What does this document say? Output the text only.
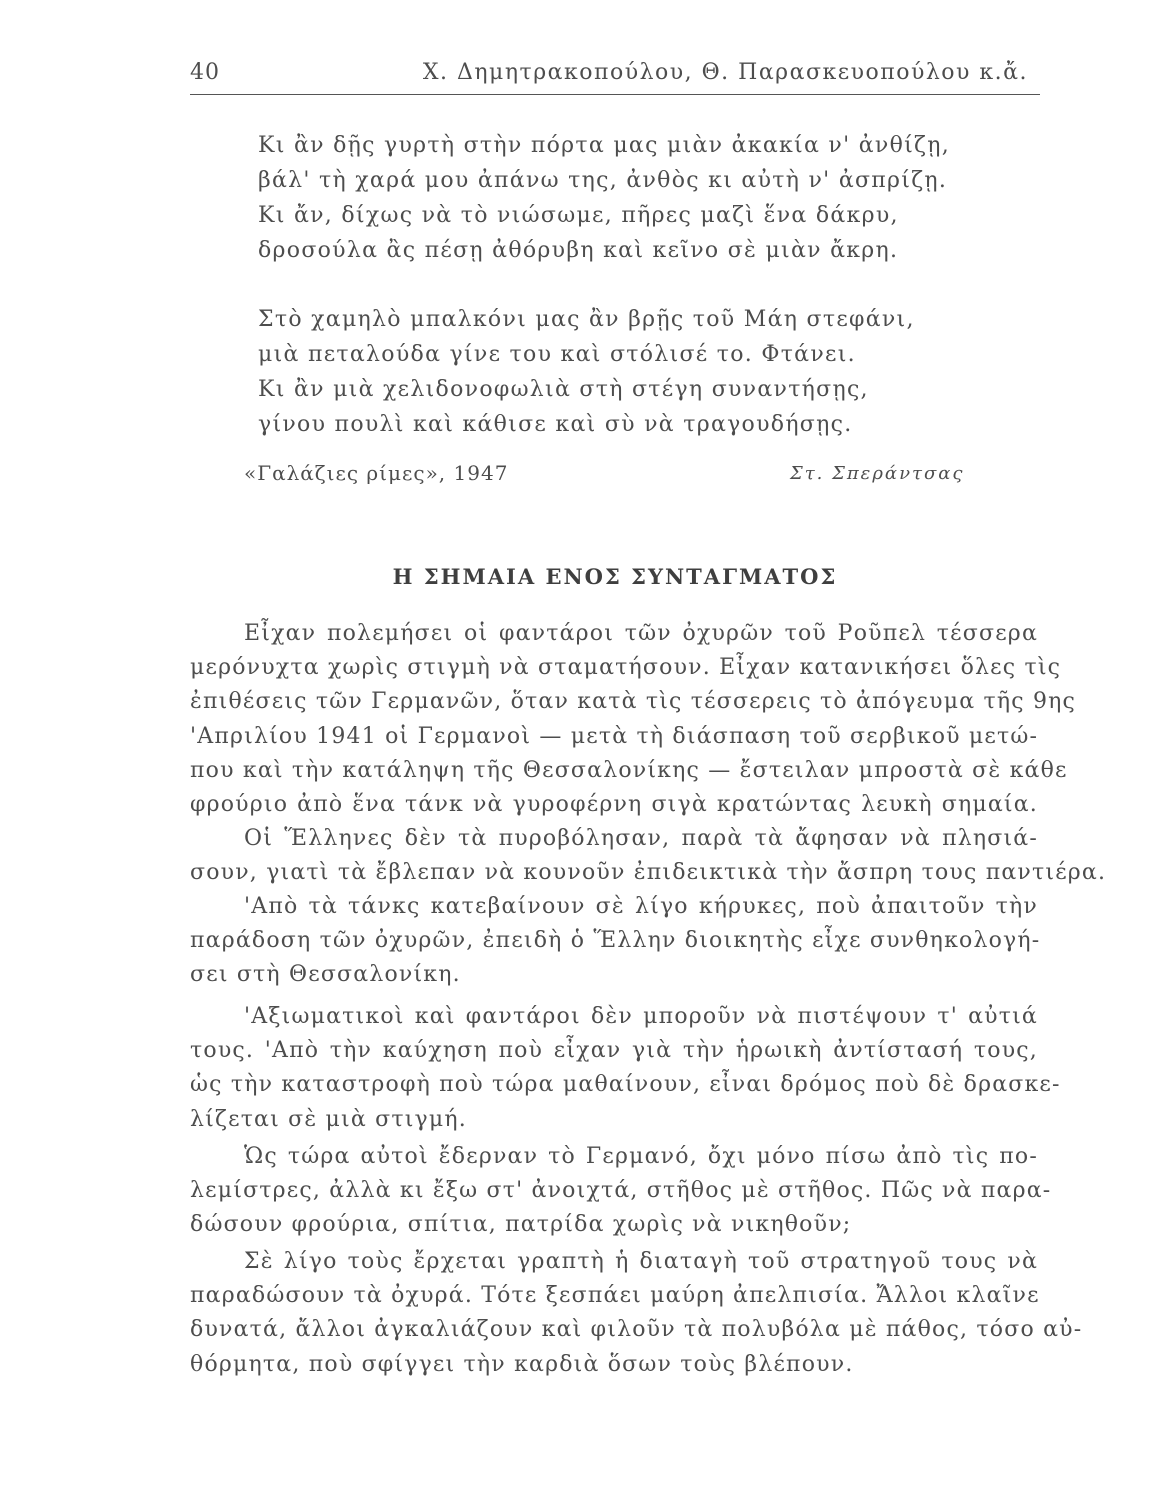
40	Χ. Δημητρακοπούλου, Θ. Παρασκευοπούλου κ.ἄ.
Κι ἂν δῇς γυρτὴ στὴν πόρτα μας μιὰν ἀκακία ν' ἀνθίζῃ,
βάλ' τὴ χαρά μου ἀπάνω της, ἀνθὸς κι αὐτὴ ν' ἀσπρίζῃ.
Κι ἄν, δίχως νὰ τὸ νιώσωμε, πῆρες μαζὶ ἕνα δάκρυ,
δροσούλα ἂς πέσῃ ἀθόρυβη καὶ κεῖνο σὲ μιὰν ἄκρη.
Στὸ χαμηλὸ μπαλκόνι μας ἂν βρῇς τοῦ Μάη στεφάνι,
μιὰ πεταλούδα γίνε του καὶ στόλισέ το. Φτάνει.
Κι ἂν μιὰ χελιδονοφωλιὰ στὴ στέγη συναντήσῃς,
γίνου πουλὶ καὶ κάθισε καὶ σὺ νὰ τραγουδήσῃς.
«Γαλάζιες ρίμες», 1947	Στ. Σπεράντσας
Η ΣΗΜΑΙΑ ΕΝΟΣ ΣΥΝΤΑΓΜΑΤΟΣ
Εἶχαν πολεμήσει οἱ φαντάροι τῶν ὀχυρῶν τοῦ Ροῦπελ τέσσερα
μερόνυχτα χωρὶς στιγμὴ νὰ σταματήσουν. Εἶχαν κατανικήσει ὅλες τὶς
ἐπιθέσεις τῶν Γερμανῶν, ὅταν κατὰ τὶς τέσσερεις τὸ ἀπόγευμα τῆς 9ης
'Απριλίου 1941 οἱ Γερμανοὶ — μετὰ τὴ διάσπαση τοῦ σερβικοῦ μετώ-
που καὶ τὴν κατάληψη τῆς Θεσσαλονίκης — ἔστειλαν μπροστὰ σὲ κάθε
φρούριο ἀπὸ ἕνα τάνκ νὰ γυροφέρνη σιγὰ κρατώντας λευκὴ σημαία.
Οἱ Ἕλληνες δὲν τὰ πυροβόλησαν, παρὰ τὰ ἄφησαν νὰ πλησιά-
σουν, γιατὶ τὰ ἔβλεπαν νὰ κουνοῦν ἐπιδεικτικὰ τὴν ἄσπρη τους παντιέρα.
'Απὸ τὰ τάνκς κατεβαίνουν σὲ λίγο κήρυκες, ποὺ ἀπαιτοῦν τὴν
παράδοση τῶν ὀχυρῶν, ἐπειδὴ ὁ Ἕλλην διοικητὴς εἶχε συνθηκολογή-
σει στὴ Θεσσαλονίκη.
'Αξιωματικοὶ καὶ φαντάροι δὲν μποροῦν νὰ πιστέψουν τ' αὐτιά
τους. 'Απὸ τὴν καύχηση ποὺ εἶχαν γιὰ τὴν ἡρωικὴ ἀντίστασή τους,
ὡς τὴν καταστροφὴ ποὺ τώρα μαθαίνουν, εἶναι δρόμος ποὺ δὲ δρασκε-
λίζεται σὲ μιὰ στιγμή.
Ὡς τώρα αὐτοὶ ἔδερναν τὸ Γερμανό, ὄχι μόνο πίσω ἀπὸ τὶς πο-
λεμίστρες, ἀλλὰ κι ἔξω στ' ἀνοιχτά, στῆθος μὲ στῆθος. Πῶς νὰ παρα-
δώσουν φρούρια, σπίτια, πατρίδα χωρὶς νὰ νικηθοῦν;
Σὲ λίγο τοὺς ἔρχεται γραπτὴ ἡ διαταγὴ τοῦ στρατηγοῦ τους νὰ
παραδώσουν τὰ ὀχυρά. Τότε ξεσπάει μαύρη ἀπελπισία. Ἄλλοι κλαῖνε
δυνατά, ἄλλοι ἀγκαλιάζουν καὶ φιλοῦν τὰ πολυβόλα μὲ πάθος, τόσο αὐ-
θόρμητα, ποὺ σφίγγει τὴν καρδιὰ ὅσων τοὺς βλέπουν.
